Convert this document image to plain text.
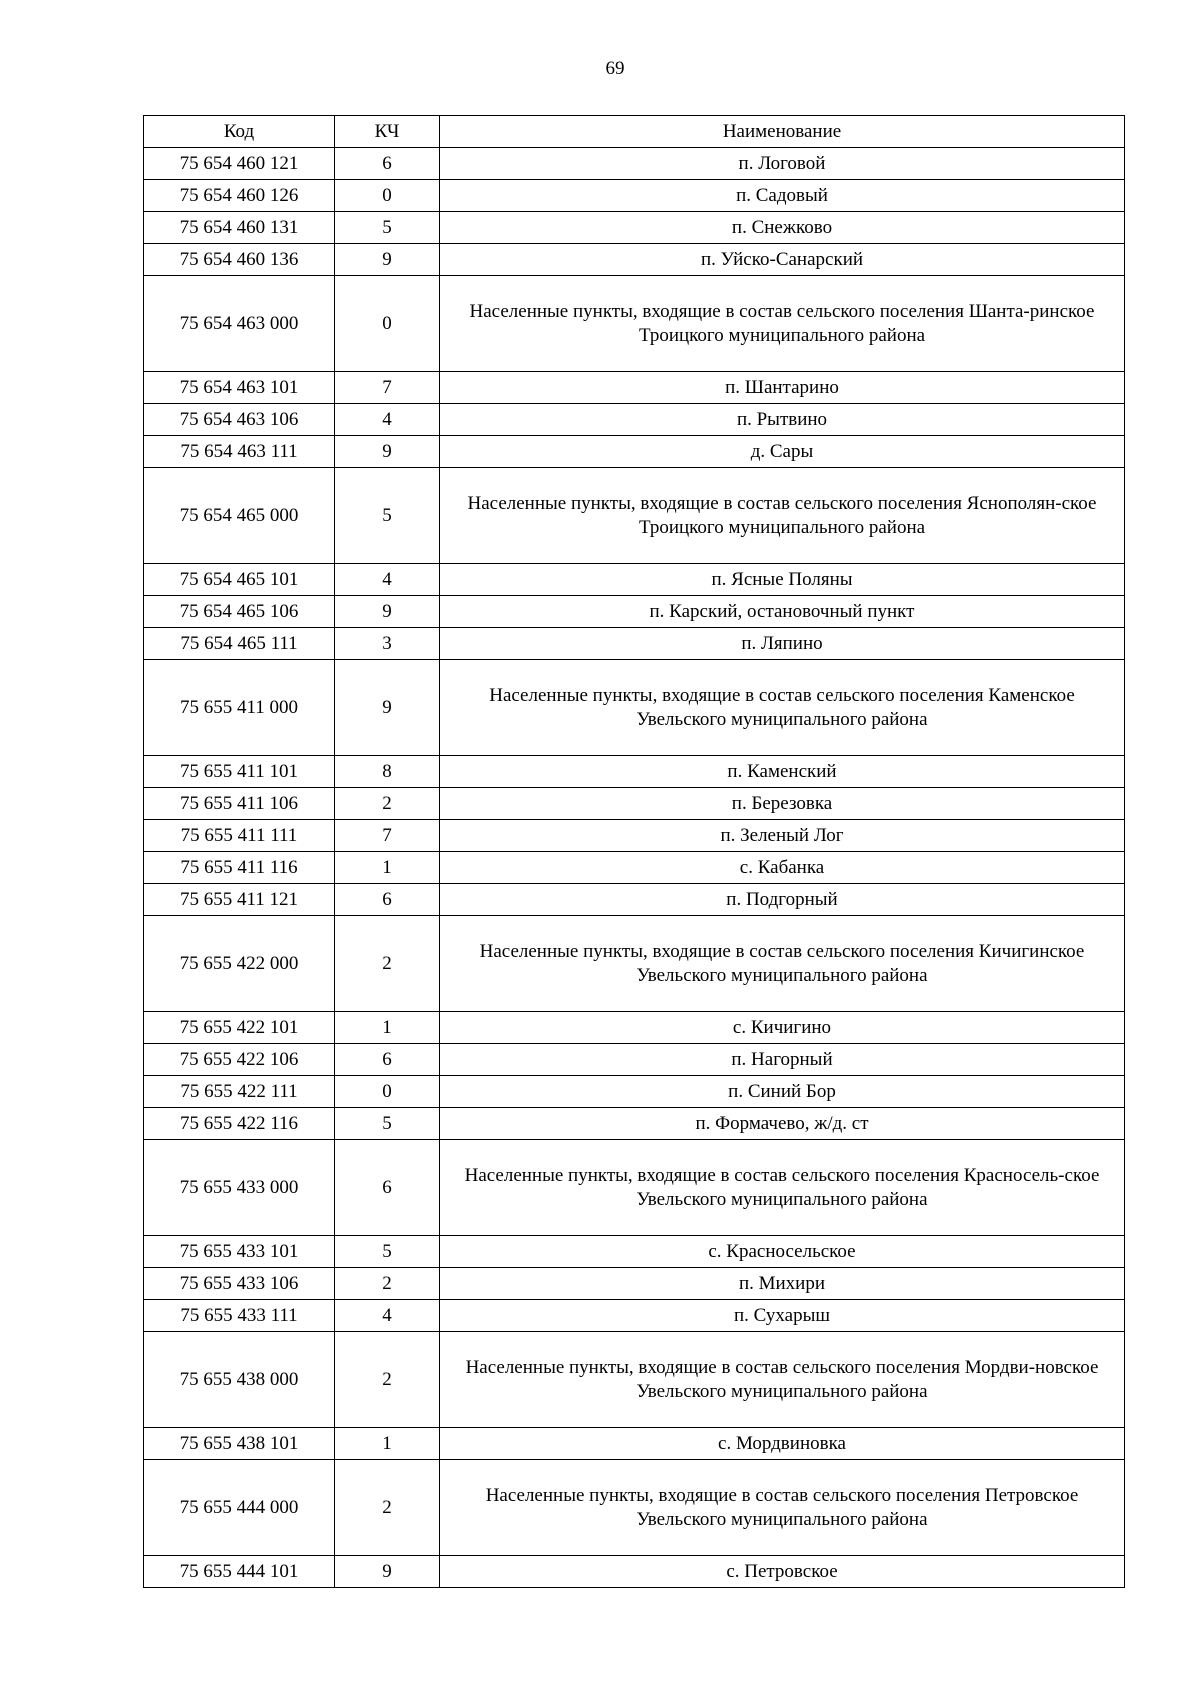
69
Код	КЧ	Наименование
75 654 460 121	6	п. Логовой
75 654 460 126	0	п. Садовый
75 654 460 131	5	п. Снежково
75 654 460 136	9	п. Уйско-Санарский
75 654 463 000	0	Населенные пункты, входящие в состав сельского поселения Шанта-ринское Троицкого муниципального района
75 654 463 101	7	п. Шантарино
75 654 463 106	4	п. Рытвино
75 654 463 111	9	д. Сары
75 654 465 000	5	Населенные пункты, входящие в состав сельского поселения Яснополян-ское Троицкого муниципального района
75 654 465 101	4	п. Ясные Поляны
75 654 465 106	9	п. Карский, остановочный пункт
75 654 465 111	3	п. Ляпино
75 655 411 000	9	Населенные пункты, входящие в состав сельского поселения Каменское Увельского муниципального района
75 655 411 101	8	п. Каменский
75 655 411 106	2	п. Березовка
75 655 411 111	7	п. Зеленый Лог
75 655 411 116	1	с. Кабанка
75 655 411 121	6	п. Подгорный
75 655 422 000	2	Населенные пункты, входящие в состав сельского поселения Кичигинское Увельского муниципального района
75 655 422 101	1	с. Кичигино
75 655 422 106	6	п. Нагорный
75 655 422 111	0	п. Синий Бор
75 655 422 116	5	п. Формачево, ж/д. ст
75 655 433 000	6	Населенные пункты, входящие в состав сельского поселения Красносель-ское Увельского муниципального района
75 655 433 101	5	с. Красносельское
75 655 433 106	2	п. Михири
75 655 433 111	4	п. Сухарыш
75 655 438 000	2	Населенные пункты, входящие в состав сельского поселения Мордви-новское Увельского муниципального района
75 655 438 101	1	с. Мордвиновка
75 655 444 000	2	Населенные пункты, входящие в состав сельского поселения Петровское Увельского муниципального района
75 655 444 101	9	с. Петровское
